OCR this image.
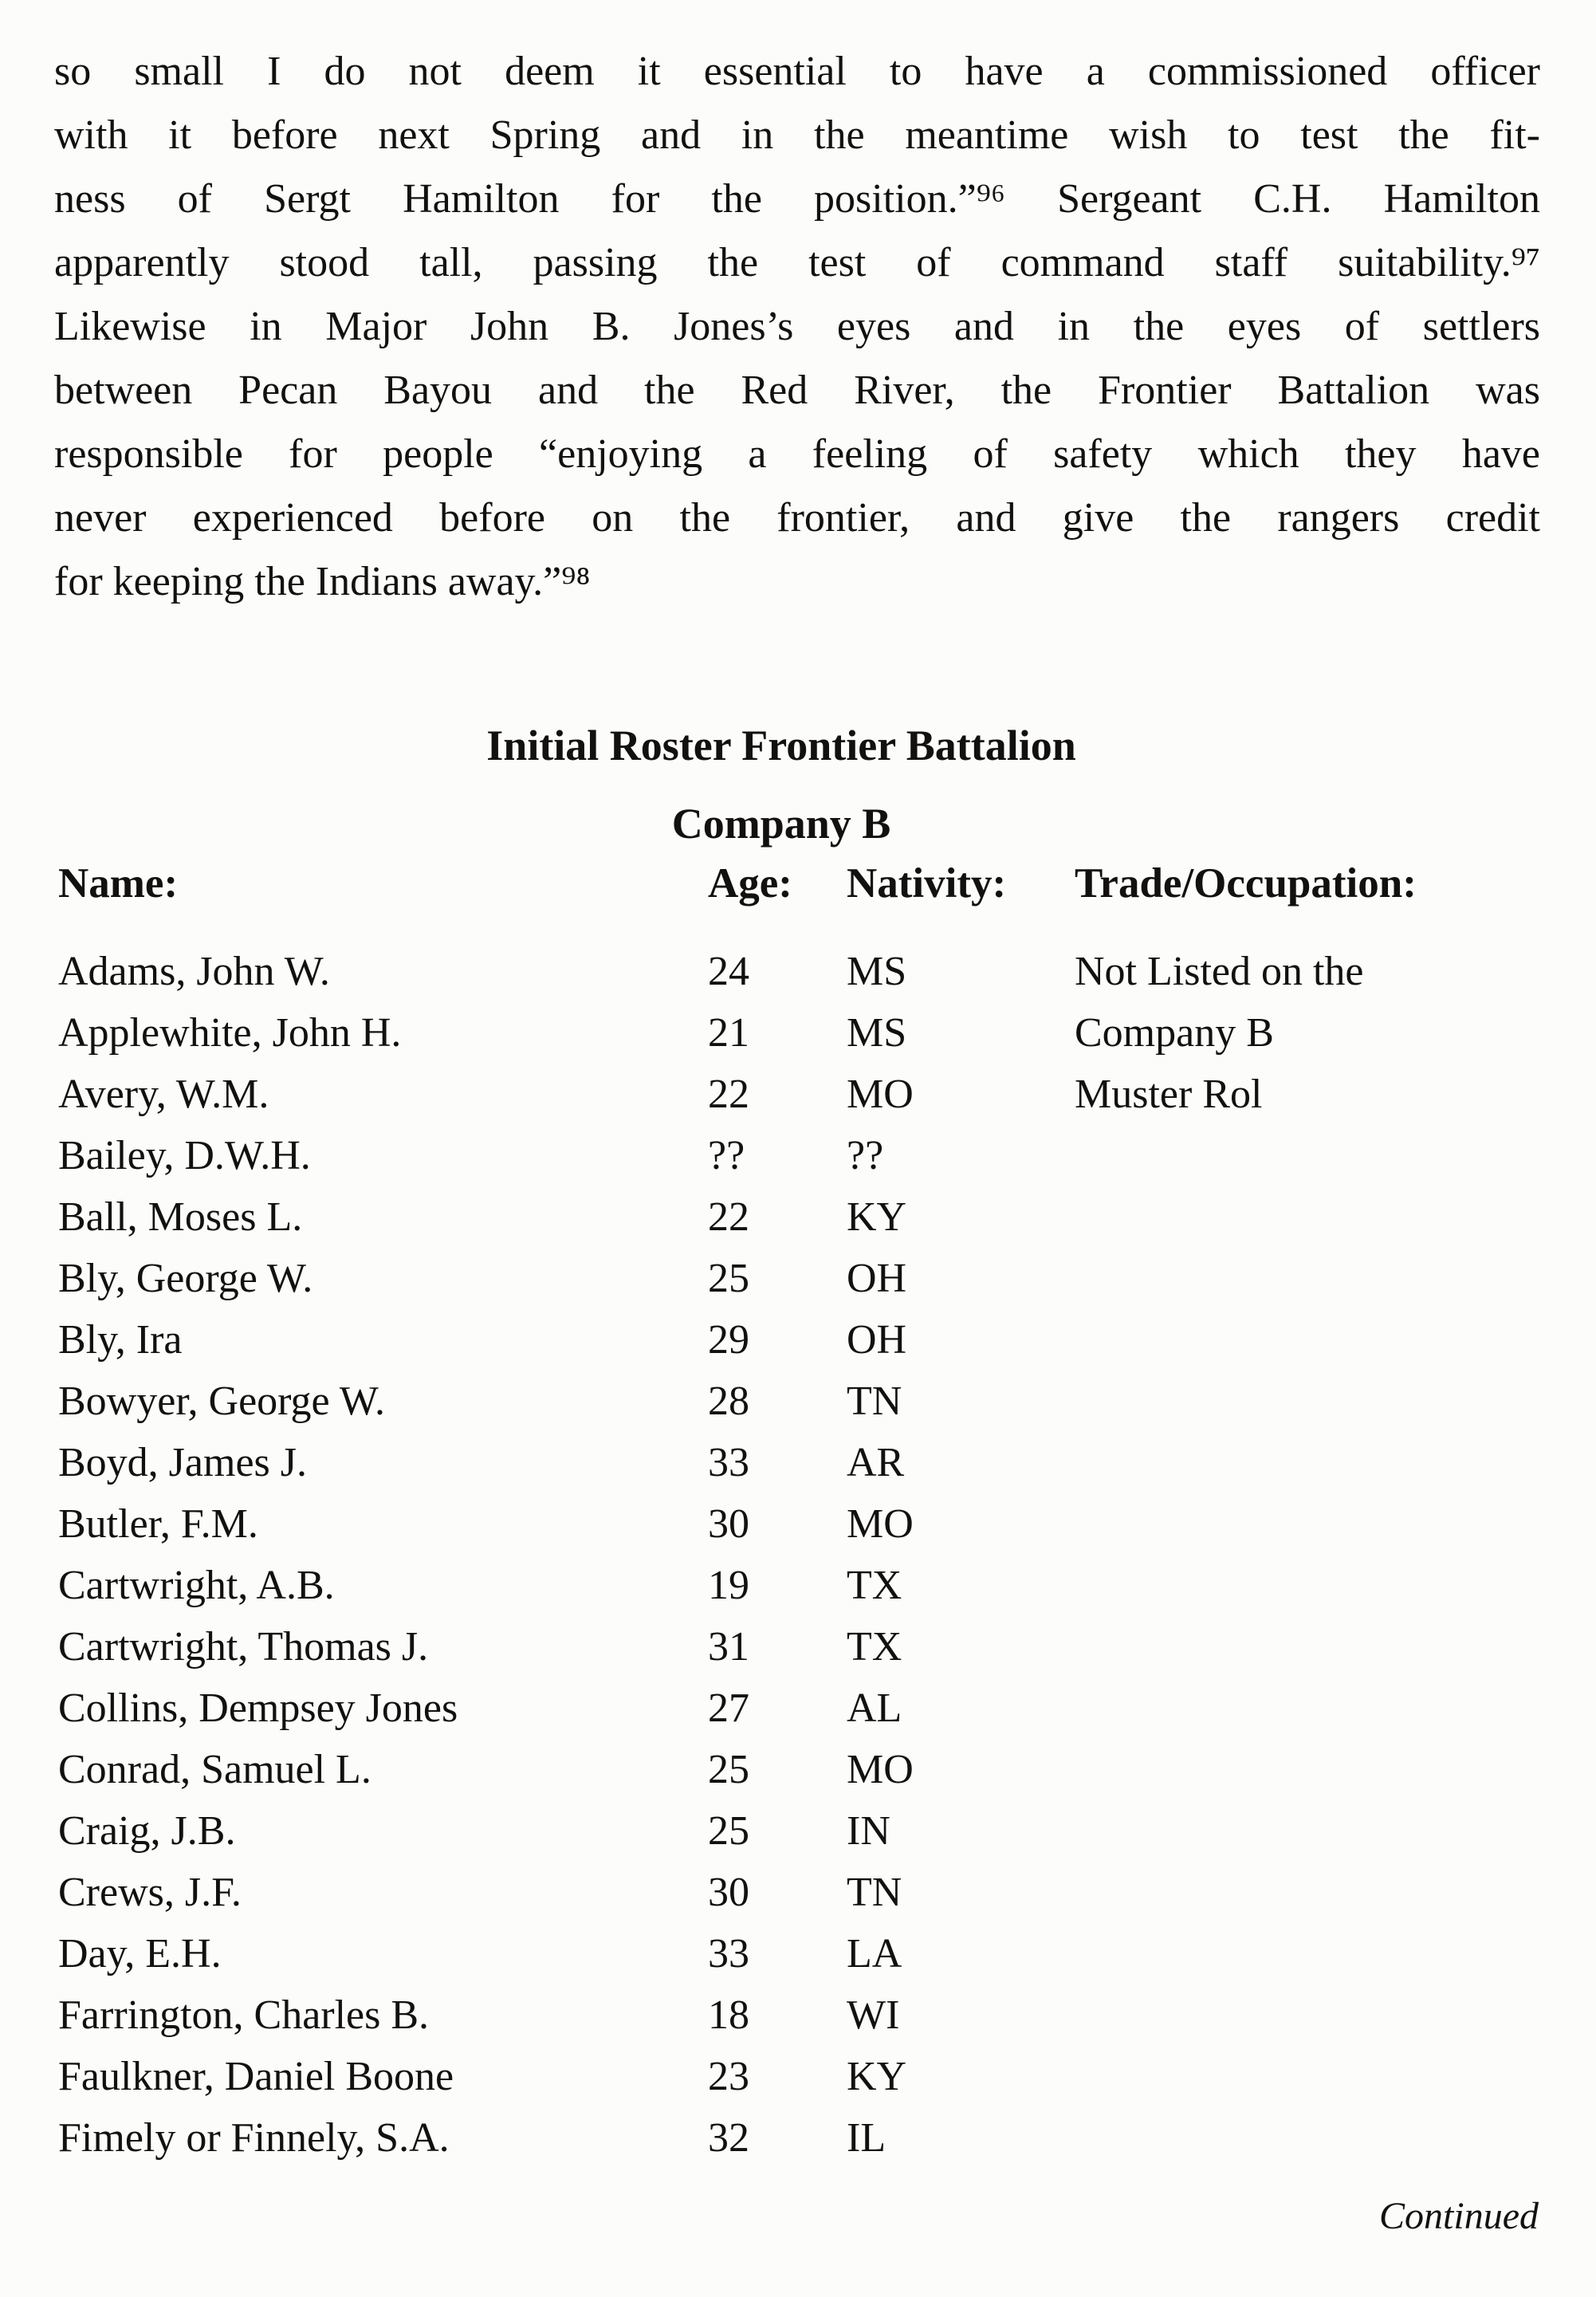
so small I do not deem it essential to have a commissioned officer
with it before next Spring and in the meantime wish to test the fit-
ness of Sergt Hamilton for the position.”⁹⁶ Sergeant C.H. Hamilton
apparently stood tall, passing the test of command staff suitability.⁹⁷
Likewise in Major John B. Jones’s eyes and in the eyes of settlers
between Pecan Bayou and the Red River, the Frontier Battalion was
responsible for people “enjoying a feeling of safety which they have
never experienced before on the frontier, and give the rangers credit
for keeping the Indians away.”⁹⁸
Initial Roster Frontier Battalion
Company B
Name:	Age:	Nativity:	Trade/Occupation:
Adams, John W.	24	MS	Not Listed on the
Applewhite, John H.	21	MS	Company B
Avery, W.M.	22	MO	Muster Rol
Bailey, D.W.H.	??	??
Ball, Moses L.	22	KY
Bly, George W.	25	OH
Bly, Ira	29	OH
Bowyer, George W.	28	TN
Boyd, James J.	33	AR
Butler, F.M.	30	MO
Cartwright, A.B.	19	TX
Cartwright, Thomas J.	31	TX
Collins, Dempsey Jones	27	AL
Conrad, Samuel L.	25	MO
Craig, J.B.	25	IN
Crews, J.F.	30	TN
Day, E.H.	33	LA
Farrington, Charles B.	18	WI
Faulkner, Daniel Boone	23	KY
Fimely or Finnely, S.A.	32	IL
Continued
